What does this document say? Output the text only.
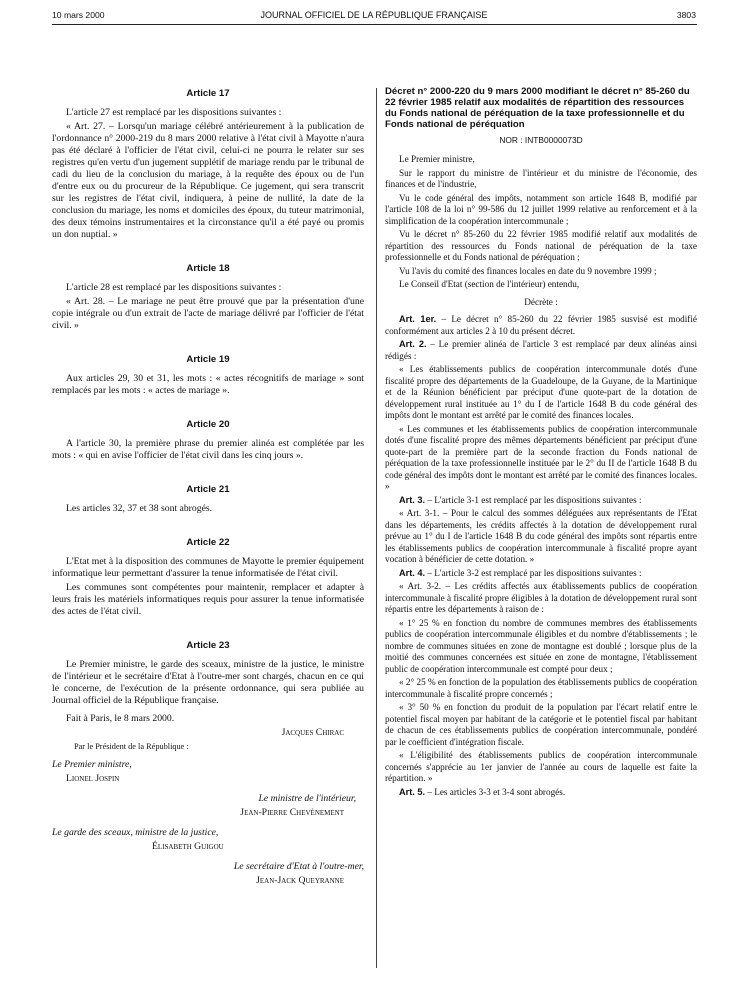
10 mars 2000	JOURNAL OFFICIEL DE LA RÉPUBLIQUE FRANÇAISE	3803
Article 17

L'article 27 est remplacé par les dispositions suivantes :

« Art. 27. – Lorsqu'un mariage célébré antérieurement à la publication de l'ordonnance n° 2000-219 du 8 mars 2000 relative à l'état civil à Mayotte n'aura pas été déclaré à l'officier de l'état civil, celui-ci ne pourra le relater sur ses registres qu'en vertu d'un jugement supplétif de mariage rendu par le tribunal de cadi du lieu de la conclusion du mariage, à la requête des époux ou de l'un d'entre eux ou du procureur de la République. Ce jugement, qui sera transcrit sur les registres de l'état civil, indiquera, à peine de nullité, la date de la conclusion du mariage, les noms et domiciles des époux, du tuteur matrimonial, des deux témoins instrumentaires et la circonstance qu'il a été payé ou promis un don nuptial. »

Article 18

L'article 28 est remplacé par les dispositions suivantes :

« Art. 28. – Le mariage ne peut être prouvé que par la présentation d'une copie intégrale ou d'un extrait de l'acte de mariage délivré par l'officier de l'état civil. »

Article 19

Aux articles 29, 30 et 31, les mots : « actes récognitifs de mariage » sont remplacés par les mots : « actes de mariage ».

Article 20

A l'article 30, la première phrase du premier alinéa est complétée par les mots : « qui en avise l'officier de l'état civil dans les cinq jours ».

Article 21

Les articles 32, 37 et 38 sont abrogés.

Article 22

L'Etat met à la disposition des communes de Mayotte le premier équipement informatique leur permettant d'assurer la tenue informatisée de l'état civil.

Les communes sont compétentes pour maintenir, remplacer et adapter à leurs frais les matériels informatiques requis pour assurer la tenue informatisée des actes de l'état civil.

Article 23

Le Premier ministre, le garde des sceaux, ministre de la justice, le ministre de l'intérieur et le secrétaire d'Etat à l'outre-mer sont chargés, chacun en ce qui le concerne, de l'exécution de la présente ordonnance, qui sera publiée au Journal officiel de la République française.

Fait à Paris, le 8 mars 2000.

Jacques Chirac

Par le Président de la République :

Le Premier ministre,

Lionel Jospin

Le ministre de l'intérieur,

Jean-Pierre Chevènement

Le garde des sceaux, ministre de la justice,

Élisabeth Guigou

Le secrétaire d'Etat à l'outre-mer,

Jean-Jack Queyranne

Décret n° 2000-220 du 9 mars 2000 modifiant le décret n° 85-260 du 22 février 1985 relatif aux modalités de répartition des ressources du Fonds national de péréquation de la taxe professionnelle et du Fonds national de péréquation
NOR : INTB0000073D

Le Premier ministre,

Sur le rapport du ministre de l'intérieur et du ministre de l'économie, des finances et de l'industrie,

Vu le code général des impôts, notamment son article 1648 B, modifié par l'article 108 de la loi n° 99-586 du 12 juillet 1999 relative au renforcement et à la simplification de la coopération intercommunale ;

Vu le décret n° 85-260 du 22 février 1985 modifié relatif aux modalités de répartition des ressources du Fonds national de péréquation de la taxe professionnelle et du Fonds national de péréquation ;

Vu l'avis du comité des finances locales en date du 9 novembre 1999 ;

Le Conseil d'Etat (section de l'intérieur) entendu,

Décrète :

Art. 1er. – Le décret n° 85-260 du 22 février 1985 susvisé est modifié conformément aux articles 2 à 10 du présent décret.

Art. 2. – Le premier alinéa de l'article 3 est remplacé par deux alinéas ainsi rédigés :

« Les établissements publics de coopération intercommunale dotés d'une fiscalité propre des départements de la Guadeloupe, de la Guyane, de la Martinique et de la Réunion bénéficient par préciput d'une quote-part de la dotation de développement rural instituée au 1° du I de l'article 1648 B du code général des impôts dont le montant est arrêté par le comité des finances locales.

« Les communes et les établissements publics de coopération intercommunale dotés d'une fiscalité propre des mêmes départements bénéficient par préciput d'une quote-part de la première part de la seconde fraction du Fonds national de péréquation de la taxe professionnelle instituée par le 2° du II de l'article 1648 B du code général des impôts dont le montant est arrêté par le comité des finances locales. »

Art. 3. – L'article 3-1 est remplacé par les dispositions suivantes :

« Art. 3-1. – Pour le calcul des sommes déléguées aux représentants de l'Etat dans les départements, les crédits affectés à la dotation de développement rural prévue au 1° du I de l'article 1648 B du code général des impôts sont répartis entre les établissements publics de coopération intercommunale à fiscalité propre ayant vocation à bénéficier de cette dotation. »

Art. 4. – L'article 3-2 est remplacé par les dispositions suivantes :

« Art. 3-2. – Les crédits affectés aux établissements publics de coopération intercommunale à fiscalité propre éligibles à la dotation de développement rural sont répartis entre les départements à raison de :

« 1° 25 % en fonction du nombre de communes membres des établissements publics de coopération intercommunale éligibles et du nombre d'établissements ; le nombre de communes situées en zone de montagne est doublé ; lorsque plus de la moitié des communes concernées est située en zone de montagne, l'établissement public de coopération intercommunale est compté pour deux ;

« 2° 25 % en fonction de la population des établissements publics de coopération intercommunale à fiscalité propre concernés ;

« 3° 50 % en fonction du produit de la population par l'écart relatif entre le potentiel fiscal moyen par habitant de la catégorie et le potentiel fiscal par habitant de chacun de ces établissements publics de coopération intercommunale, pondéré par le coefficient d'intégration fiscale.

« L'éligibilité des établissements publics de coopération intercommunale concernés s'apprécie au 1er janvier de l'année au cours de laquelle est faite la répartition. »

Art. 5. – Les articles 3-3 et 3-4 sont abrogés.
